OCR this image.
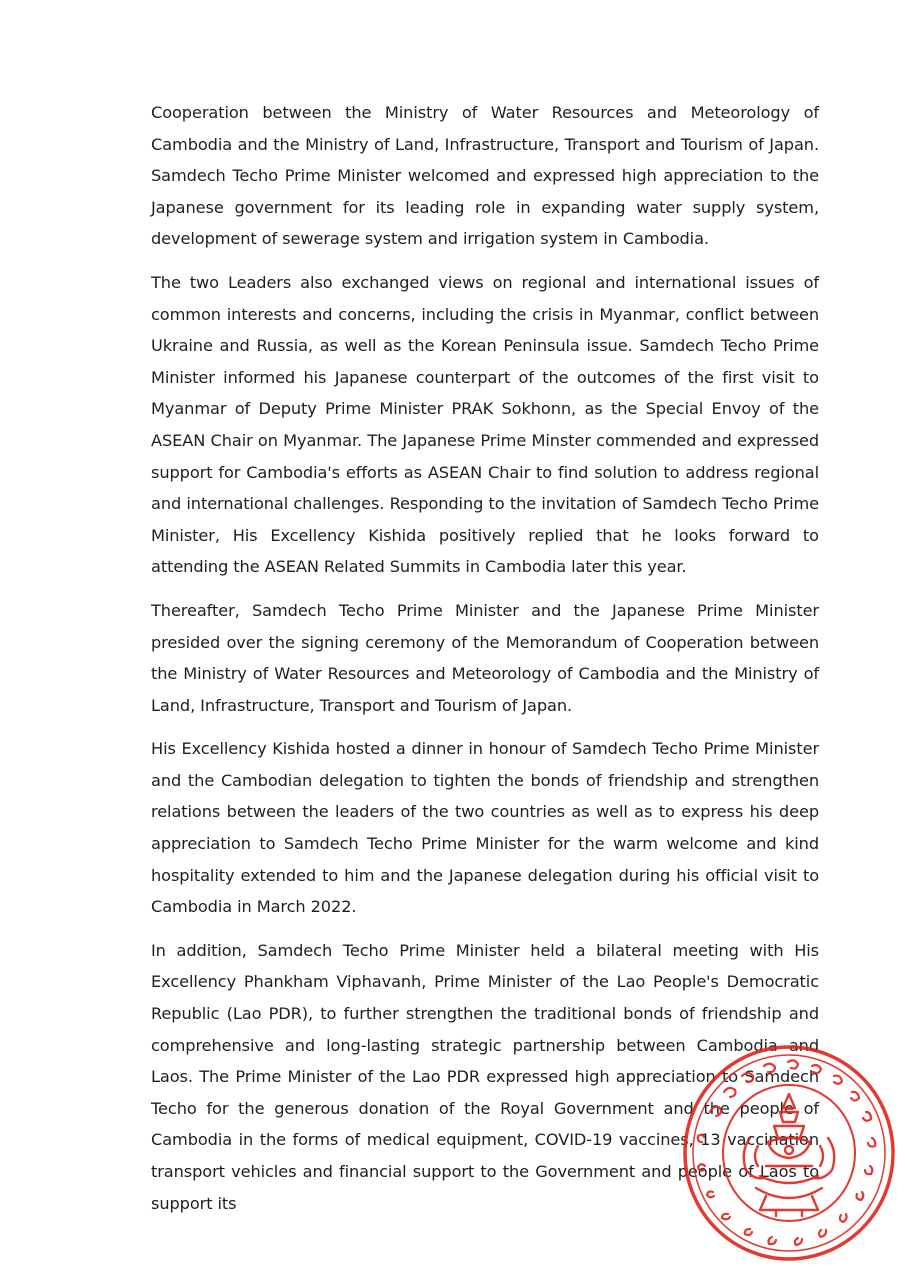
Cooperation between the Ministry of Water Resources and Meteorology of Cambodia and the Ministry of Land, Infrastructure, Transport and Tourism of Japan. Samdech Techo Prime Minister welcomed and expressed high appreciation to the Japanese government for its leading role in expanding water supply system, development of sewerage system and irrigation system in Cambodia.

The two Leaders also exchanged views on regional and international issues of common interests and concerns, including the crisis in Myanmar, conflict between Ukraine and Russia, as well as the Korean Peninsula issue. Samdech Techo Prime Minister informed his Japanese counterpart of the outcomes of the first visit to Myanmar of Deputy Prime Minister PRAK Sokhonn, as the Special Envoy of the ASEAN Chair on Myanmar. The Japanese Prime Minster commended and expressed support for Cambodia's efforts as ASEAN Chair to find solution to address regional and international challenges. Responding to the invitation of Samdech Techo Prime Minister, His Excellency Kishida positively replied that he looks forward to attending the ASEAN Related Summits in Cambodia later this year.

Thereafter, Samdech Techo Prime Minister and the Japanese Prime Minister presided over the signing ceremony of the Memorandum of Cooperation between the Ministry of Water Resources and Meteorology of Cambodia and the Ministry of Land, Infrastructure, Transport and Tourism of Japan.

His Excellency Kishida hosted a dinner in honour of Samdech Techo Prime Minister and the Cambodian delegation to tighten the bonds of friendship and strengthen relations between the leaders of the two countries as well as to express his deep appreciation to Samdech Techo Prime Minister for the warm welcome and kind hospitality extended to him and the Japanese delegation during his official visit to Cambodia in March 2022.

In addition, Samdech Techo Prime Minister held a bilateral meeting with His Excellency Phankham Viphavanh, Prime Minister of the Lao People's Democratic Republic (Lao PDR), to further strengthen the traditional bonds of friendship and comprehensive and long-lasting strategic partnership between Cambodia and Laos. The Prime Minister of the Lao PDR expressed high appreciation to Samdech Techo for the generous donation of the Royal Government and the people of Cambodia in the forms of medical equipment, COVID-19 vaccines, 13 vaccination transport vehicles and financial support to the Government and people of Laos to support its
